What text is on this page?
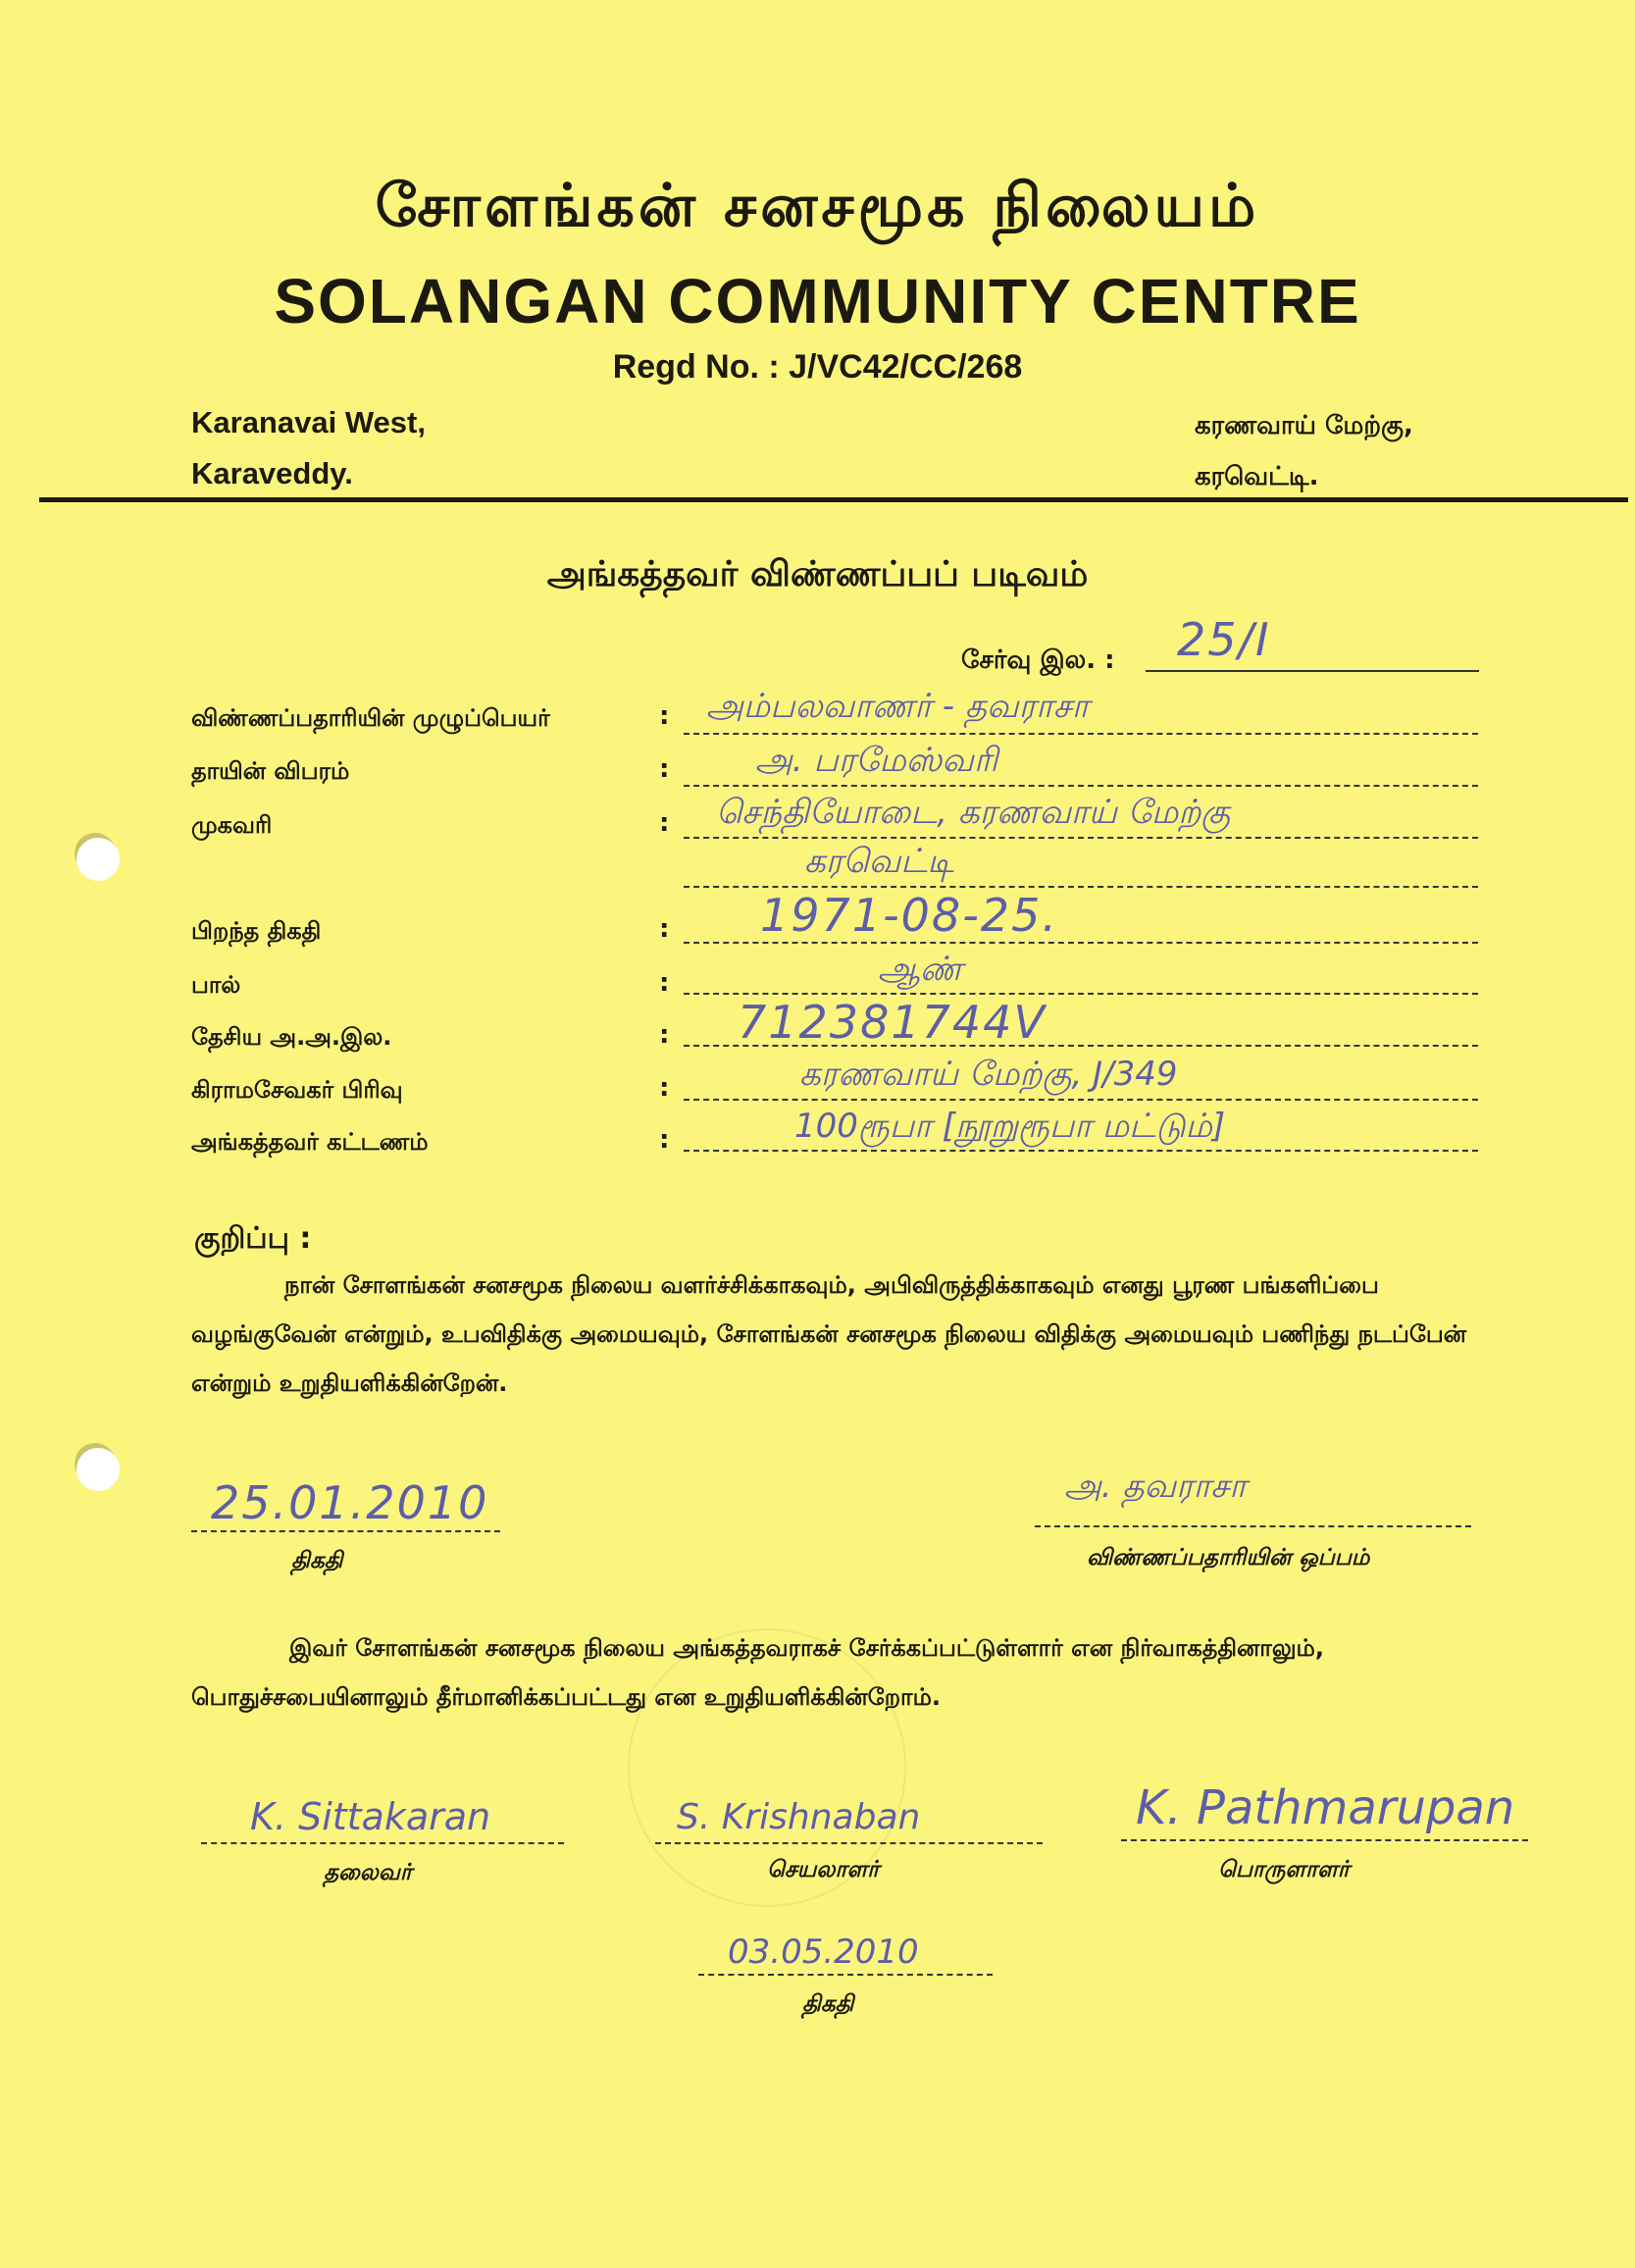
சோளங்கன் சனசமூக நிலையம்
SOLANGAN COMMUNITY CENTRE
Regd No. : J/VC42/CC/268
Karanavai West,
Karaveddy.
கரணவாய் மேற்கு,
கரவெட்டி.
அங்கத்தவர் விண்ணப்பப் படிவம்
சேர்வு இல. : 25/I
விண்ணப்பதாரியின் முழுப்பெயர்	: அம்பலவாணர் - தவராசா
தாயின் விபரம்	:	அ. பரமேஸ்வரி
முகவரி	: செந்தியோடை, கரணவாய் மேற்கு
கரவெட்டி
பிறந்த திகதி	: 1971-08-25.
பால்	:	ஆண்
தேசிய அ.அ.இல.	: 712381744V
கிராமசேவகர் பிரிவு	:	கரணவாய் மேற்கு, J/349
அங்கத்தவர் கட்டணம்	:	100ரூபா [நூறுரூபா மட்டும்]
குறிப்பு :
நான் சோளங்கன் சனசமூக நிலைய வளர்ச்சிக்காகவும், அபிவிருத்திக்காகவும் எனது பூரண பங்களிப்பை வழங்குவேன் என்றும், உபவிதிக்கு அமையவும், சோளங்கன் சனசமூக நிலைய விதிக்கு அமையவும் பணிந்து நடப்பேன் என்றும் உறுதியளிக்கின்றேன்.
25.01.2010
திகதி
அ. தவராசா
விண்ணப்பதாரியின் ஒப்பம்
இவர் சோளங்கன் சனசமூக நிலைய அங்கத்தவராகச் சேர்க்கப்பட்டுள்ளார் என நிர்வாகத்தினாலும், பொதுச்சபையினாலும் தீர்மானிக்கப்பட்டது என உறுதியளிக்கின்றோம்.
K. Sittakaran
தலைவர்
S. Krishnaban
செயலாளர்
K. Pathmarupan
பொருளாளர்
03.05.2010
திகதி
